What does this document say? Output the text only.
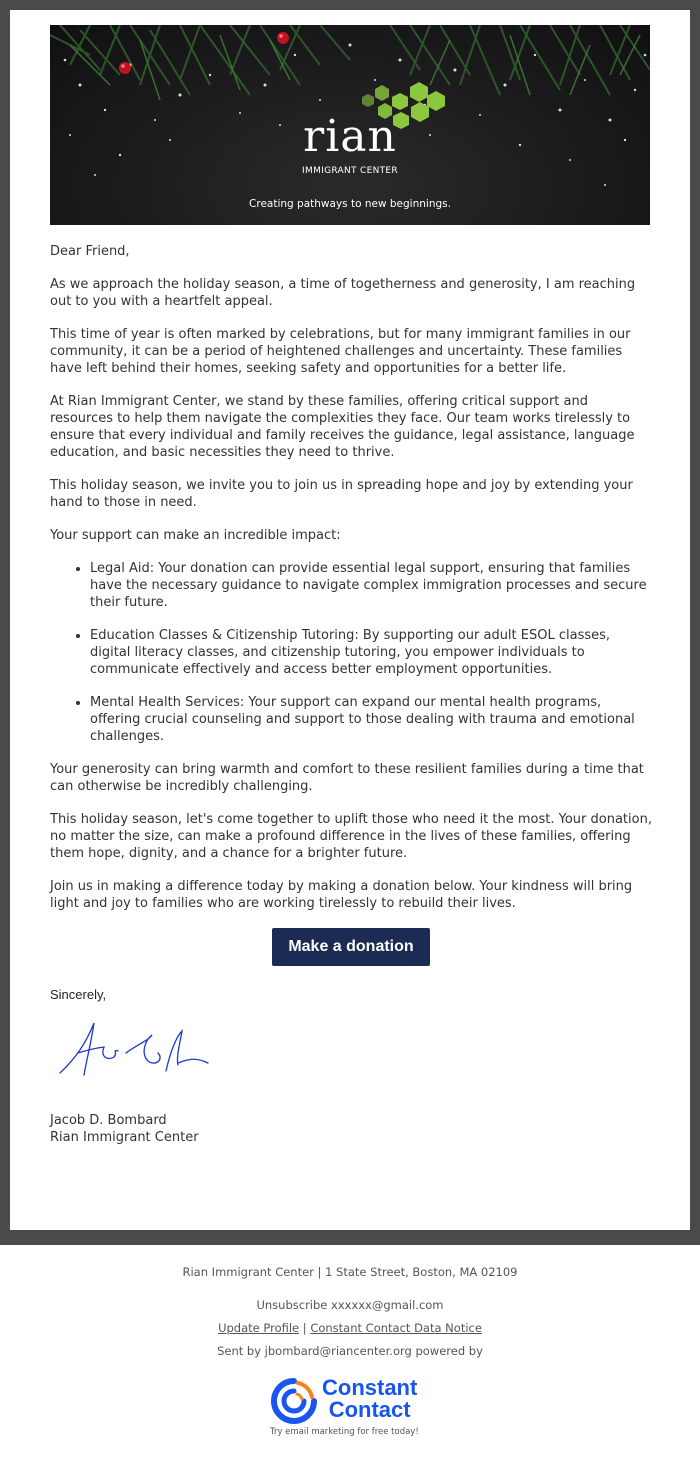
rian
IMMIGRANT CENTER
Creating pathways to new beginnings.

Dear Friend,

As we approach the holiday season, a time of togetherness and generosity, I am reaching out to you with a heartfelt appeal.

This time of year is often marked by celebrations, but for many immigrant families in our community, it can be a period of heightened challenges and uncertainty. These families have left behind their homes, seeking safety and opportunities for a better life.

At Rian Immigrant Center, we stand by these families, offering critical support and resources to help them navigate the complexities they face. Our team works tirelessly to ensure that every individual and family receives the guidance, legal assistance, language education, and basic necessities they need to thrive.

This holiday season, we invite you to join us in spreading hope and joy by extending your hand to those in need.

Your support can make an incredible impact:

• Legal Aid: Your donation can provide essential legal support, ensuring that families have the necessary guidance to navigate complex immigration processes and secure their future.
• Education Classes & Citizenship Tutoring: By supporting our adult ESOL classes, digital literacy classes, and citizenship tutoring, you empower individuals to communicate effectively and access better employment opportunities.
• Mental Health Services: Your support can expand our mental health programs, offering crucial counseling and support to those dealing with trauma and emotional challenges.

Your generosity can bring warmth and comfort to these resilient families during a time that can otherwise be incredibly challenging.

This holiday season, let's come together to uplift those who need it the most. Your donation, no matter the size, can make a profound difference in the lives of these families, offering them hope, dignity, and a chance for a brighter future.

Join us in making a difference today by making a donation below. Your kindness will bring light and joy to families who are working tirelessly to rebuild their lives.

Make a donation
Sincerely,
Jacob D. Bombard
Rian Immigrant Center
Rian Immigrant Center | 1 State Street, Boston, MA 02109
Unsubscribe xxxxxx@gmail.com
Update Profile | Constant Contact Data Notice
Sent by jbombard@riancenter.org powered by
Constant
Contact
Try email marketing for free today!
